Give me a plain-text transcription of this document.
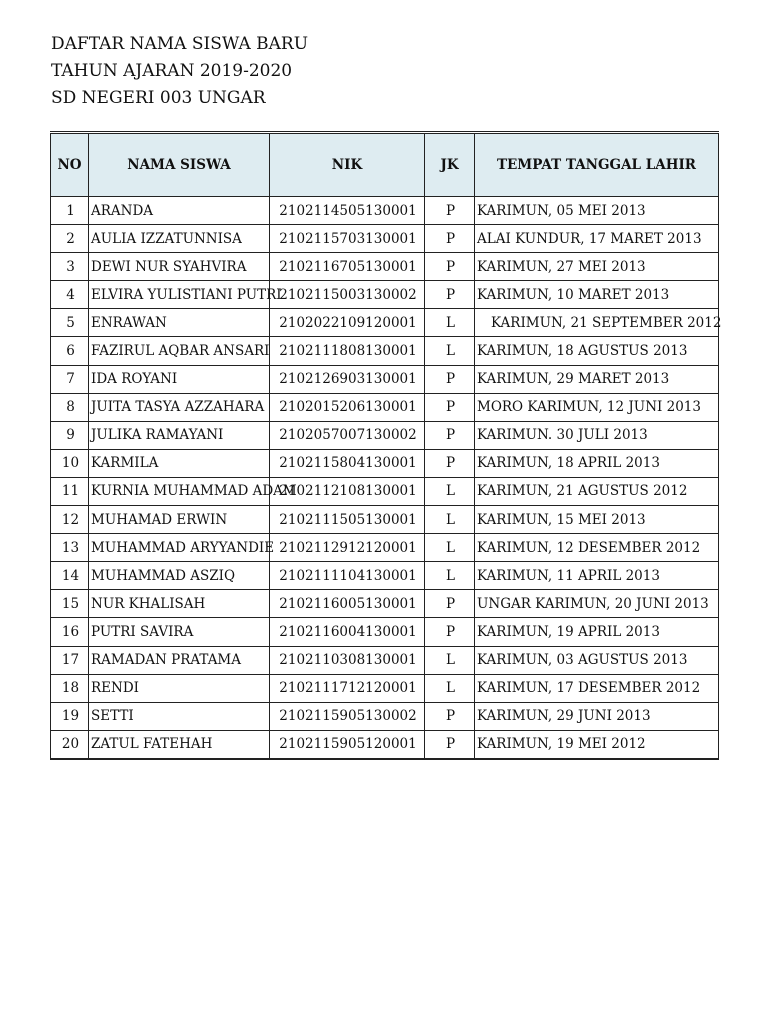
DAFTAR NAMA SISWA BARU
TAHUN AJARAN 2019-2020
SD NEGERI 003 UNGAR
NO	NAMA SISWA	NIK	JK	TEMPAT TANGGAL LAHIR
1	ARANDA	2102114505130001	P	KARIMUN, 05 MEI 2013
2	AULIA IZZATUNNISA	2102115703130001	P	ALAI KUNDUR, 17 MARET 2013
3	DEWI NUR SYAHVIRA	2102116705130001	P	KARIMUN, 27 MEI 2013
4	ELVIRA YULISTIANI PUTRI	2102115003130002	P	KARIMUN, 10 MARET 2013
5	ENRAWAN	2102022109120001	L	KARIMUN, 21 SEPTEMBER 2012
6	FAZIRUL AQBAR ANSARI	2102111808130001	L	KARIMUN, 18 AGUSTUS 2013
7	IDA ROYANI	2102126903130001	P	KARIMUN, 29 MARET 2013
8	JUITA TASYA AZZAHARA	2102015206130001	P	MORO KARIMUN, 12 JUNI 2013
9	JULIKA RAMAYANI	2102057007130002	P	KARIMUN. 30 JULI 2013
10	KARMILA	2102115804130001	P	KARIMUN, 18 APRIL 2013
11	KURNIA MUHAMMAD ADAM	2102112108130001	L	KARIMUN, 21 AGUSTUS 2012
12	MUHAMAD ERWIN	2102111505130001	L	KARIMUN, 15 MEI 2013
13	MUHAMMAD ARYYANDIE	2102112912120001	L	KARIMUN, 12 DESEMBER 2012
14	MUHAMMAD ASZIQ	2102111104130001	L	KARIMUN, 11 APRIL 2013
15	NUR KHALISAH	2102116005130001	P	UNGAR KARIMUN, 20 JUNI 2013
16	PUTRI SAVIRA	2102116004130001	P	KARIMUN, 19 APRIL 2013
17	RAMADAN PRATAMA	2102110308130001	L	KARIMUN, 03 AGUSTUS 2013
18	RENDI	2102111712120001	L	KARIMUN, 17 DESEMBER 2012
19	SETTI	2102115905130002	P	KARIMUN, 29 JUNI 2013
20	ZATUL FATEHAH	2102115905120001	P	KARIMUN, 19 MEI 2012
